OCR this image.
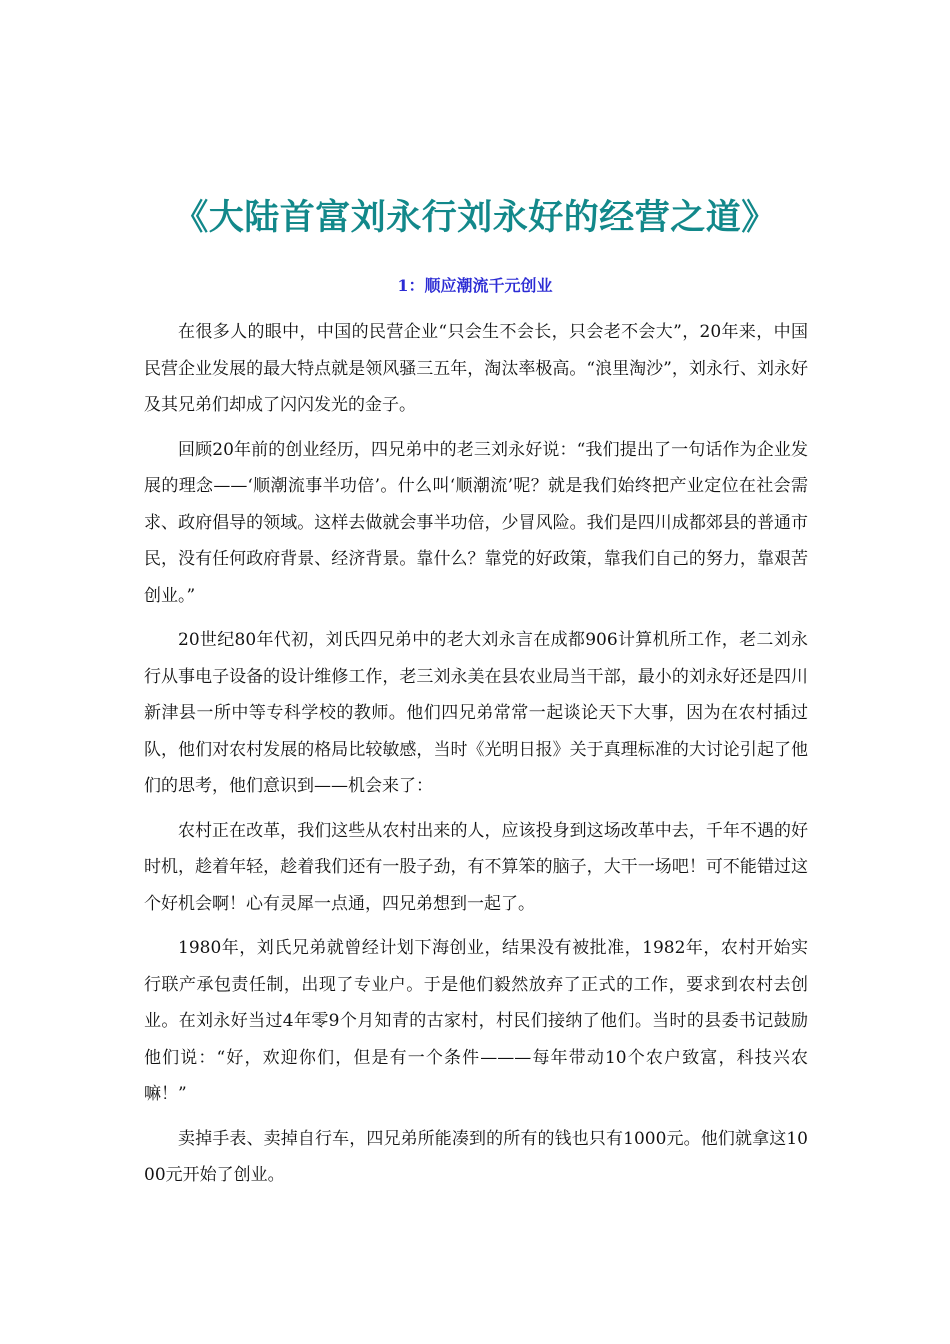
《大陆首富刘永行刘永好的经营之道》
1：顺应潮流千元创业

在很多人的眼中，中国的民营企业“只会生不会长，只会老不会大”，20年来，中国民营企业发展的最大特点就是领风骚三五年，淘汰率极高。“浪里淘沙”，刘永行、刘永好及其兄弟们却成了闪闪发光的金子。

回顾20年前的创业经历，四兄弟中的老三刘永好说：“我们提出了一句话作为企业发展的理念——‘顺潮流事半功倍’。什么叫‘顺潮流’呢？就是我们始终把产业定位在社会需求、政府倡导的领域。这样去做就会事半功倍，少冒风险。我们是四川成都郊县的普通市民，没有任何政府背景、经济背景。靠什么？靠党的好政策，靠我们自己的努力，靠艰苦创业。”

20世纪80年代初，刘氏四兄弟中的老大刘永言在成都906计算机所工作，老二刘永行从事电子设备的设计维修工作，老三刘永美在县农业局当干部，最小的刘永好还是四川新津县一所中等专科学校的教师。他们四兄弟常常一起谈论天下大事，因为在农村插过队，他们对农村发展的格局比较敏感，当时《光明日报》关于真理标准的大讨论引起了他们的思考，他们意识到——机会来了：

农村正在改革，我们这些从农村出来的人，应该投身到这场改革中去，千年不遇的好时机，趁着年轻，趁着我们还有一股子劲，有不算笨的脑子，大干一场吧！可不能错过这个好机会啊！心有灵犀一点通，四兄弟想到一起了。

1980年，刘氏兄弟就曾经计划下海创业，结果没有被批准，1982年，农村开始实行联产承包责任制，出现了专业户。于是他们毅然放弃了正式的工作，要求到农村去创业。在刘永好当过4年零9个月知青的古家村，村民们接纳了他们。当时的县委书记鼓励他们说：“好，欢迎你们，但是有一个条件———每年带动10个农户致富，科技兴农嘛！”

卖掉手表、卖掉自行车，四兄弟所能凑到的所有的钱也只有1000元。他们就拿这1000元开始了创业。
